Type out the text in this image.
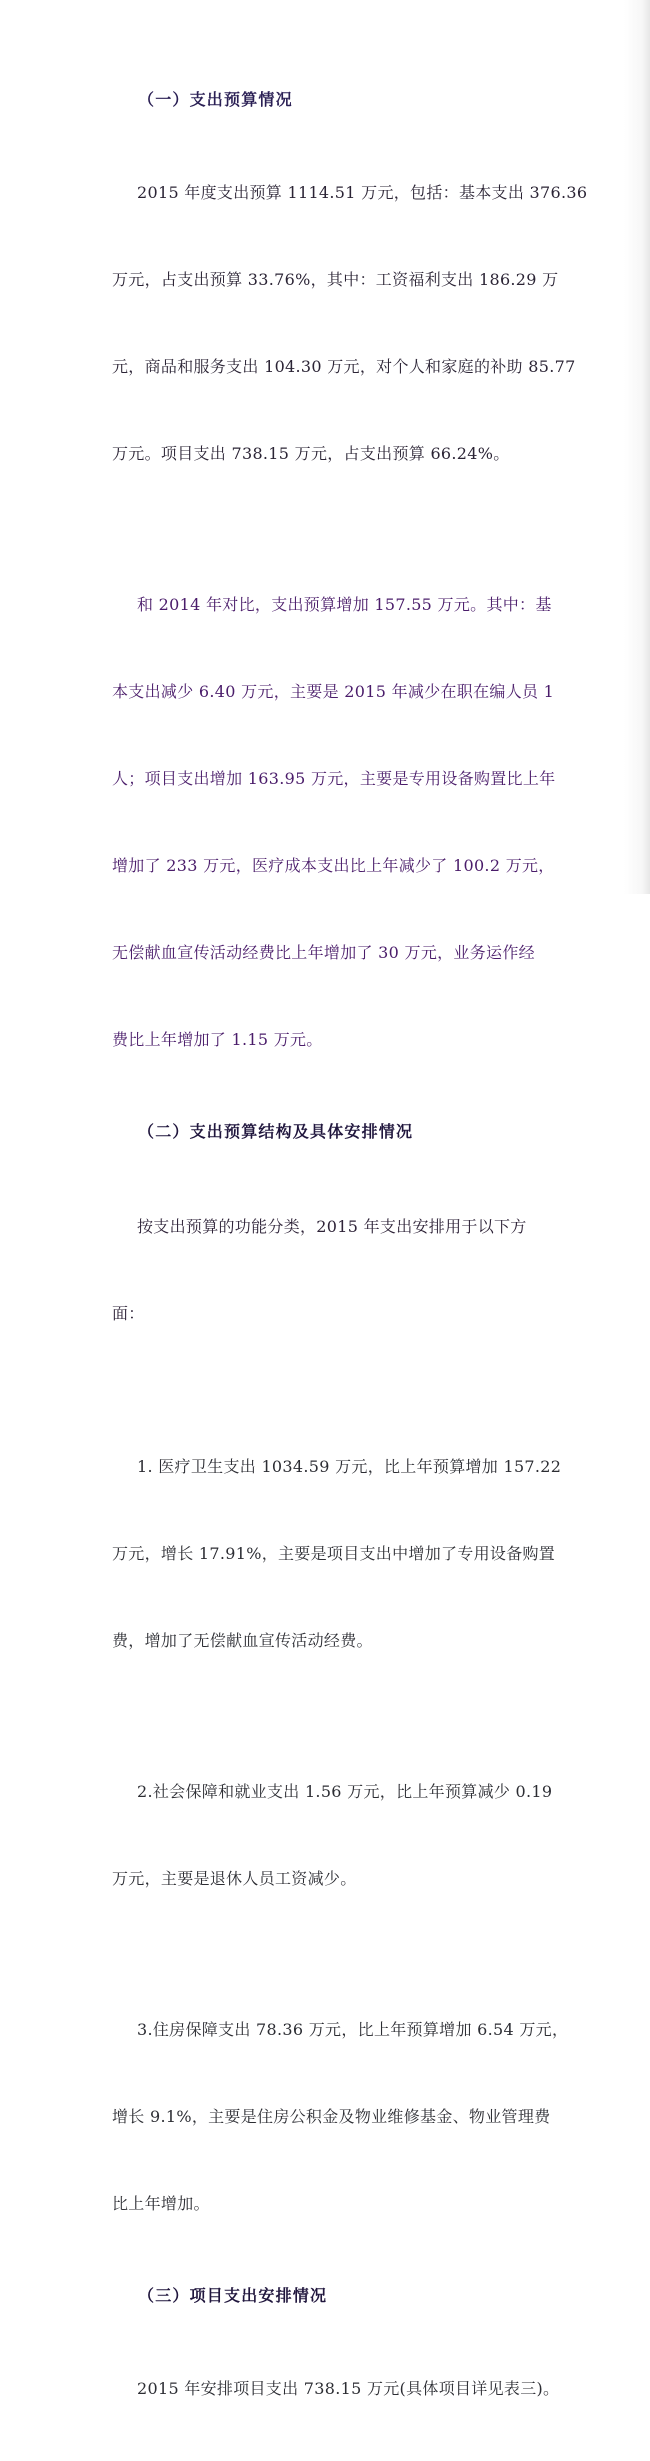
（一）支出预算情况

2015 年度支出预算 1114.51 万元，包括：基本支出 376.36

万元，占支出预算 33.76%，其中：工资福利支出 186.29 万

元，商品和服务支出 104.30 万元，对个人和家庭的补助 85.77

万元。项目支出 738.15 万元，占支出预算 66.24%。

和 2014 年对比，支出预算增加 157.55 万元。其中：基

本支出减少 6.40 万元，主要是 2015 年减少在职在编人员 1

人；项目支出增加 163.95 万元，主要是专用设备购置比上年

增加了 233 万元，医疗成本支出比上年减少了 100.2 万元，

无偿献血宣传活动经费比上年增加了 30 万元，业务运作经

费比上年增加了 1.15 万元。

（二）支出预算结构及具体安排情况

按支出预算的功能分类，2015 年支出安排用于以下方

面：

1. 医疗卫生支出 1034.59 万元，比上年预算增加 157.22

万元，增长 17.91%，主要是项目支出中增加了专用设备购置

费，增加了无偿献血宣传活动经费。

2.社会保障和就业支出 1.56 万元，比上年预算减少 0.19

万元，主要是退休人员工资减少。

3.住房保障支出 78.36 万元，比上年预算增加 6.54 万元，

增长 9.1%，主要是住房公积金及物业维修基金、物业管理费

比上年增加。

（三）项目支出安排情况

2015 年安排项目支出 738.15 万元(具体项目详见表三)。
